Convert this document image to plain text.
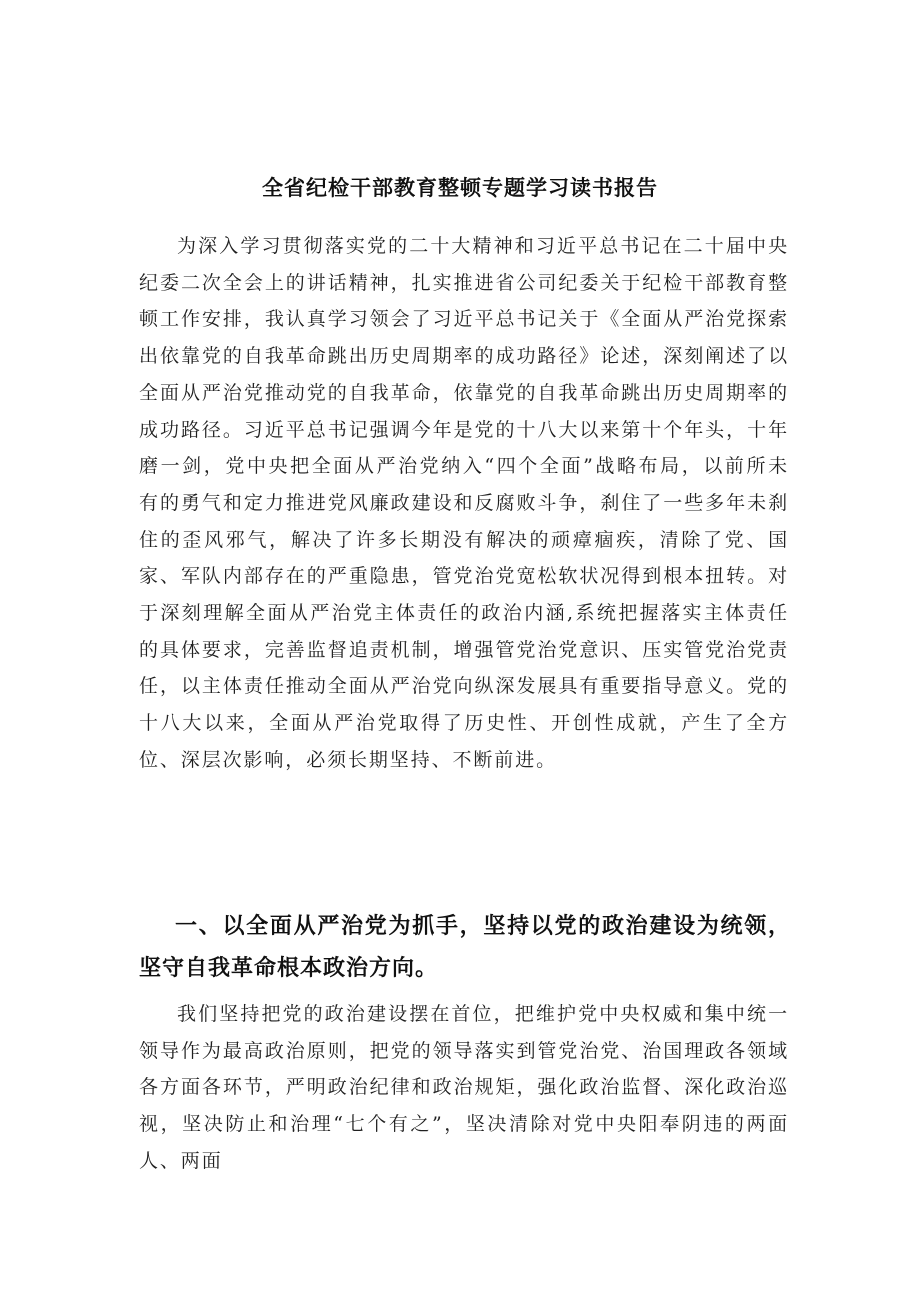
全省纪检干部教育整顿专题学习读书报告

为深入学习贯彻落实党的二十大精神和习近平总书记在二十届中央纪委二次全会上的讲话精神，扎实推进省公司纪委关于纪检干部教育整顿工作安排，我认真学习领会了习近平总书记关于《全面从严治党探索出依靠党的自我革命跳出历史周期率的成功路径》论述，深刻阐述了以全面从严治党推动党的自我革命，依靠党的自我革命跳出历史周期率的成功路径。习近平总书记强调今年是党的十八大以来第十个年头，十年磨一剑，党中央把全面从严治党纳入“四个全面”战略布局，以前所未有的勇气和定力推进党风廉政建设和反腐败斗争，刹住了一些多年未刹住的歪风邪气，解决了许多长期没有解决的顽瘴痼疾，清除了党、国家、军队内部存在的严重隐患，管党治党宽松软状况得到根本扭转。对于深刻理解全面从严治党主体责任的政治内涵,系统把握落实主体责任的具体要求，完善监督追责机制，增强管党治党意识、压实管党治党责任，以主体责任推动全面从严治党向纵深发展具有重要指导意义。党的十八大以来，全面从严治党取得了历史性、开创性成就，产生了全方位、深层次影响，必须长期坚持、不断前进。

一、以全面从严治党为抓手，坚持以党的政治建设为统领，坚守自我革命根本政治方向。

我们坚持把党的政治建设摆在首位，把维护党中央权威和集中统一领导作为最高政治原则，把党的领导落实到管党治党、治国理政各领域各方面各环节，严明政治纪律和政治规矩，强化政治监督、深化政治巡视，坚决防止和治理“七个有之”，坚决清除对党中央阳奉阴违的两面人、两面
